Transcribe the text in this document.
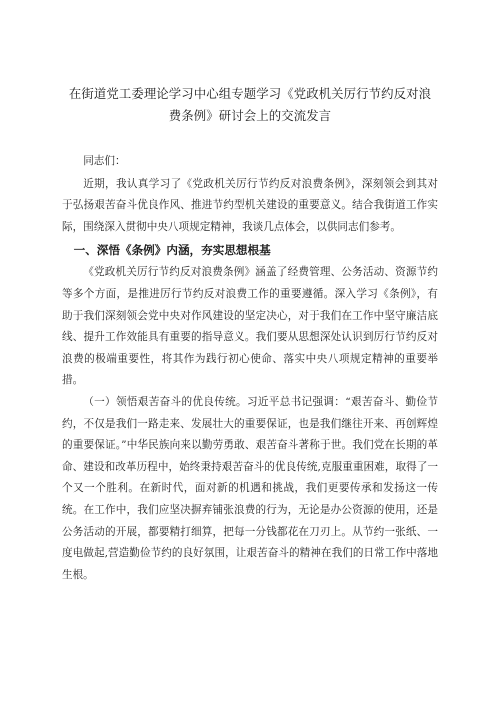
在街道党工委理论学习中心组专题学习《党政机关厉行节约反对浪
费条例》研讨会上的交流发言

同志们：

近期，我认真学习了《党政机关厉行节约反对浪费条例》，深刻领会到其对于弘扬艰苦奋斗优良作风、推进节约型机关建设的重要意义。结合我街道工作实际，围绕深入贯彻中央八项规定精神，我谈几点体会，以供同志们参考。

一、深悟《条例》内涵，夯实思想根基

《党政机关厉行节约反对浪费条例》涵盖了经费管理、公务活动、资源节约等多个方面，是推进厉行节约反对浪费工作的重要遵循。深入学习《条例》，有助于我们深刻领会党中央对作风建设的坚定决心，对于我们在工作中坚守廉洁底线、提升工作效能具有重要的指导意义。我们要从思想深处认识到厉行节约反对浪费的极端重要性，将其作为践行初心使命、落实中央八项规定精神的重要举措。

（一）领悟艰苦奋斗的优良传统。习近平总书记强调：“艰苦奋斗、勤俭节约，不仅是我们一路走来、发展壮大的重要保证，也是我们继往开来、再创辉煌的重要保证。”中华民族向来以勤劳勇敢、艰苦奋斗著称于世。我们党在长期的革命、建设和改革历程中，始终秉持艰苦奋斗的优良传统,克服重重困难，取得了一个又一个胜利。在新时代，面对新的机遇和挑战，我们更要传承和发扬这一传统。在工作中，我们应坚决摒弃铺张浪费的行为，无论是办公资源的使用，还是公务活动的开展，都要精打细算，把每一分钱都花在刀刃上。从节约一张纸、一度电做起,营造勤俭节约的良好氛围，让艰苦奋斗的精神在我们的日常工作中落地生根。
